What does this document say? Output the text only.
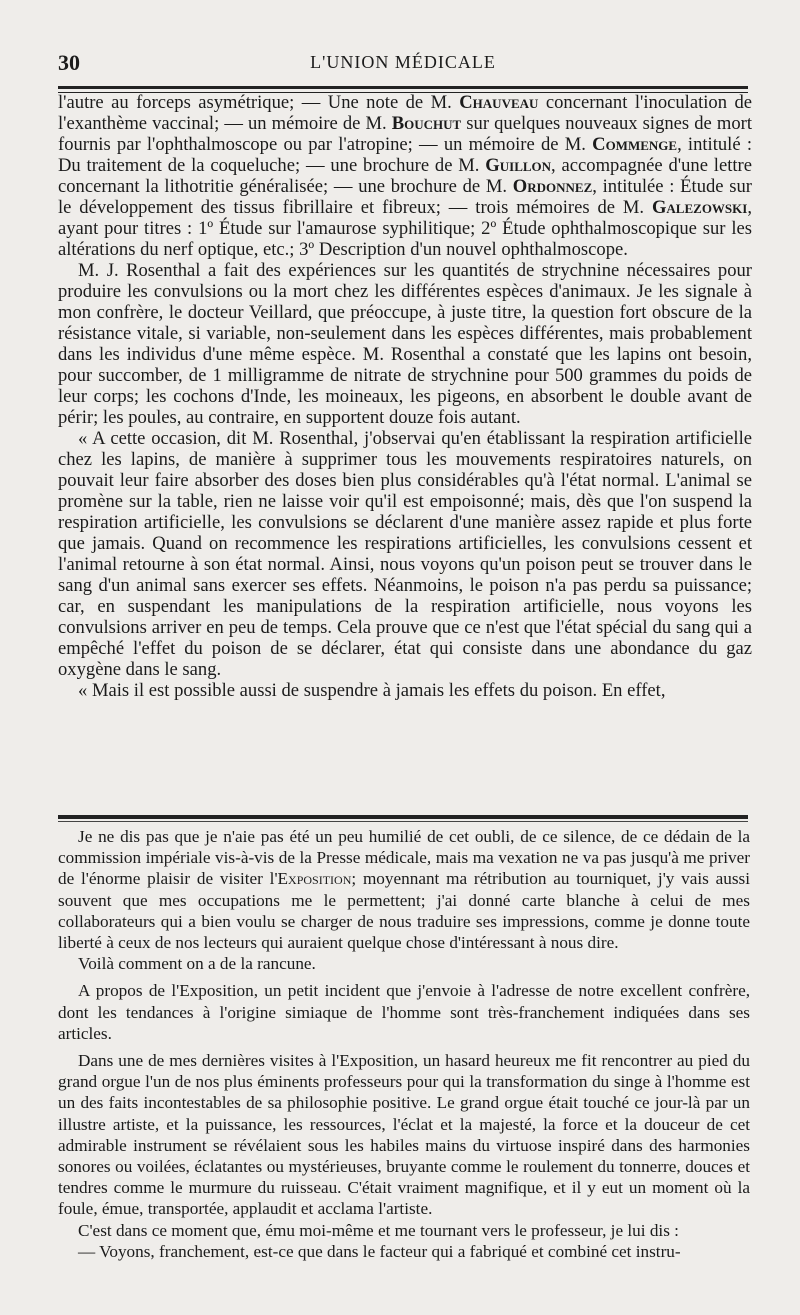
30	L'UNION MÉDICALE

l'autre au forceps asymétrique; — Une note de M. Chauveau concernant l'inoculation de l'exanthème vaccinal; — un mémoire de M. Bouchut sur quelques nouveaux signes de mort fournis par l'ophthalmoscope ou par l'atropine; — un mémoire de M. Commenge, intitulé : Du traitement de la coqueluche; — une brochure de M. Guillon, accompagnée d'une lettre concernant la lithotritie généralisée; — une brochure de M. Ordonnez, intitulée : Étude sur le développement des tissus fibrillaire et fibreux; — trois mémoires de M. Galezowski, ayant pour titres : 1º Étude sur l'amaurose syphilitique; 2º Étude ophthalmoscopique sur les altérations du nerf optique, etc.; 3º Description d'un nouvel ophthalmoscope.

M. J. Rosenthal a fait des expériences sur les quantités de strychnine nécessaires pour produire les convulsions ou la mort chez les différentes espèces d'animaux. Je les signale à mon confrère, le docteur Veillard, que préoccupe, à juste titre, la question fort obscure de la résistance vitale, si variable, non-seulement dans les espèces différentes, mais probablement dans les individus d'une même espèce. M. Rosenthal a constaté que les lapins ont besoin, pour succomber, de 1 milligramme de nitrate de strychnine pour 500 grammes du poids de leur corps; les cochons d'Inde, les moineaux, les pigeons, en absorbent le double avant de périr; les poules, au contraire, en supportent douze fois autant.

« A cette occasion, dit M. Rosenthal, j'observai qu'en établissant la respiration artificielle chez les lapins, de manière à supprimer tous les mouvements respiratoires naturels, on pouvait leur faire absorber des doses bien plus considérables qu'à l'état normal. L'animal se promène sur la table, rien ne laisse voir qu'il est empoisonné; mais, dès que l'on suspend la respiration artificielle, les convulsions se déclarent d'une manière assez rapide et plus forte que jamais. Quand on recommence les respirations artificielles, les convulsions cessent et l'animal retourne à son état normal. Ainsi, nous voyons qu'un poison peut se trouver dans le sang d'un animal sans exercer ses effets. Néanmoins, le poison n'a pas perdu sa puissance; car, en suspendant les manipulations de la respiration artificielle, nous voyons les convulsions arriver en peu de temps. Cela prouve que ce n'est que l'état spécial du sang qui a empêché l'effet du poison de se déclarer, état qui consiste dans une abondance du gaz oxygène dans le sang.

« Mais il est possible aussi de suspendre à jamais les effets du poison. En effet,

Je ne dis pas que je n'aie pas été un peu humilié de cet oubli, de ce silence, de ce dédain de la commission impériale vis-à-vis de la Presse médicale, mais ma vexation ne va pas jusqu'à me priver de l'énorme plaisir de visiter l'Exposition; moyennant ma rétribution au tourniquet, j'y vais aussi souvent que mes occupations me le permettent; j'ai donné carte blanche à celui de mes collaborateurs qui a bien voulu se charger de nous traduire ses impressions, comme je donne toute liberté à ceux de nos lecteurs qui auraient quelque chose d'intéressant à nous dire.

Voilà comment on a de la rancune.

A propos de l'Exposition, un petit incident que j'envoie à l'adresse de notre excellent confrère, dont les tendances à l'origine simiaque de l'homme sont très-franchement indiquées dans ses articles.

Dans une de mes dernières visites à l'Exposition, un hasard heureux me fit rencontrer au pied du grand orgue l'un de nos plus éminents professeurs pour qui la transformation du singe à l'homme est un des faits incontestables de sa philosophie positive. Le grand orgue était touché ce jour-là par un illustre artiste, et la puissance, les ressources, l'éclat et la majesté, la force et la douceur de cet admirable instrument se révélaient sous les habiles mains du virtuose inspiré dans des harmonies sonores ou voilées, éclatantes ou mystérieuses, bruyante comme le roulement du tonnerre, douces et tendres comme le murmure du ruisseau. C'était vraiment magnifique, et il y eut un moment où la foule, émue, transportée, applaudit et acclama l'artiste.

C'est dans ce moment que, ému moi-même et me tournant vers le professeur, je lui dis :

— Voyons, franchement, est-ce que dans le facteur qui a fabriqué et combiné cet instru-
